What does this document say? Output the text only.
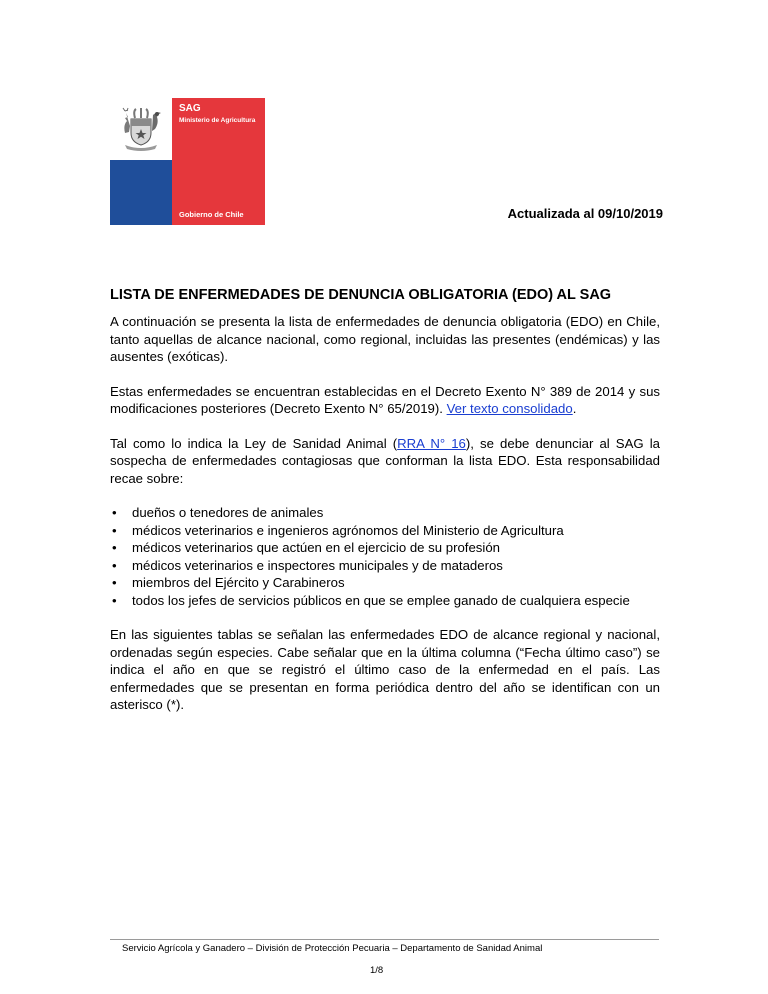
SAG
Ministerio de Agricultura
Gobierno de Chile	Actualizada al 09/10/2019

LISTA DE ENFERMEDADES DE DENUNCIA OBLIGATORIA (EDO) AL SAG

A continuación se presenta la lista de enfermedades de denuncia obligatoria (EDO) en Chile, tanto aquellas de alcance nacional, como regional, incluidas las presentes (endémicas) y las ausentes (exóticas).

Estas enfermedades se encuentran establecidas en el Decreto Exento N° 389 de 2014 y sus modificaciones posteriores (Decreto Exento N° 65/2019). Ver texto consolidado.

Tal como lo indica la Ley de Sanidad Animal (RRA N° 16), se debe denunciar al SAG la sospecha de enfermedades contagiosas que conforman la lista EDO. Esta responsabilidad recae sobre:

• dueños o tenedores de animales
• médicos veterinarios e ingenieros agrónomos del Ministerio de Agricultura
• médicos veterinarios que actúen en el ejercicio de su profesión
• médicos veterinarios e inspectores municipales y de mataderos
• miembros del Ejército y Carabineros
• todos los jefes de servicios públicos en que se emplee ganado de cualquiera especie

En las siguientes tablas se señalan las enfermedades EDO de alcance regional y nacional, ordenadas según especies. Cabe señalar que en la última columna (“Fecha último caso”) se indica el año en que se registró el último caso de la enfermedad en el país. Las enfermedades que se presentan en forma periódica dentro del año se identifican con un asterisco (*).

Servicio Agrícola y Ganadero – División de Protección Pecuaria – Departamento de Sanidad Animal

1/8
